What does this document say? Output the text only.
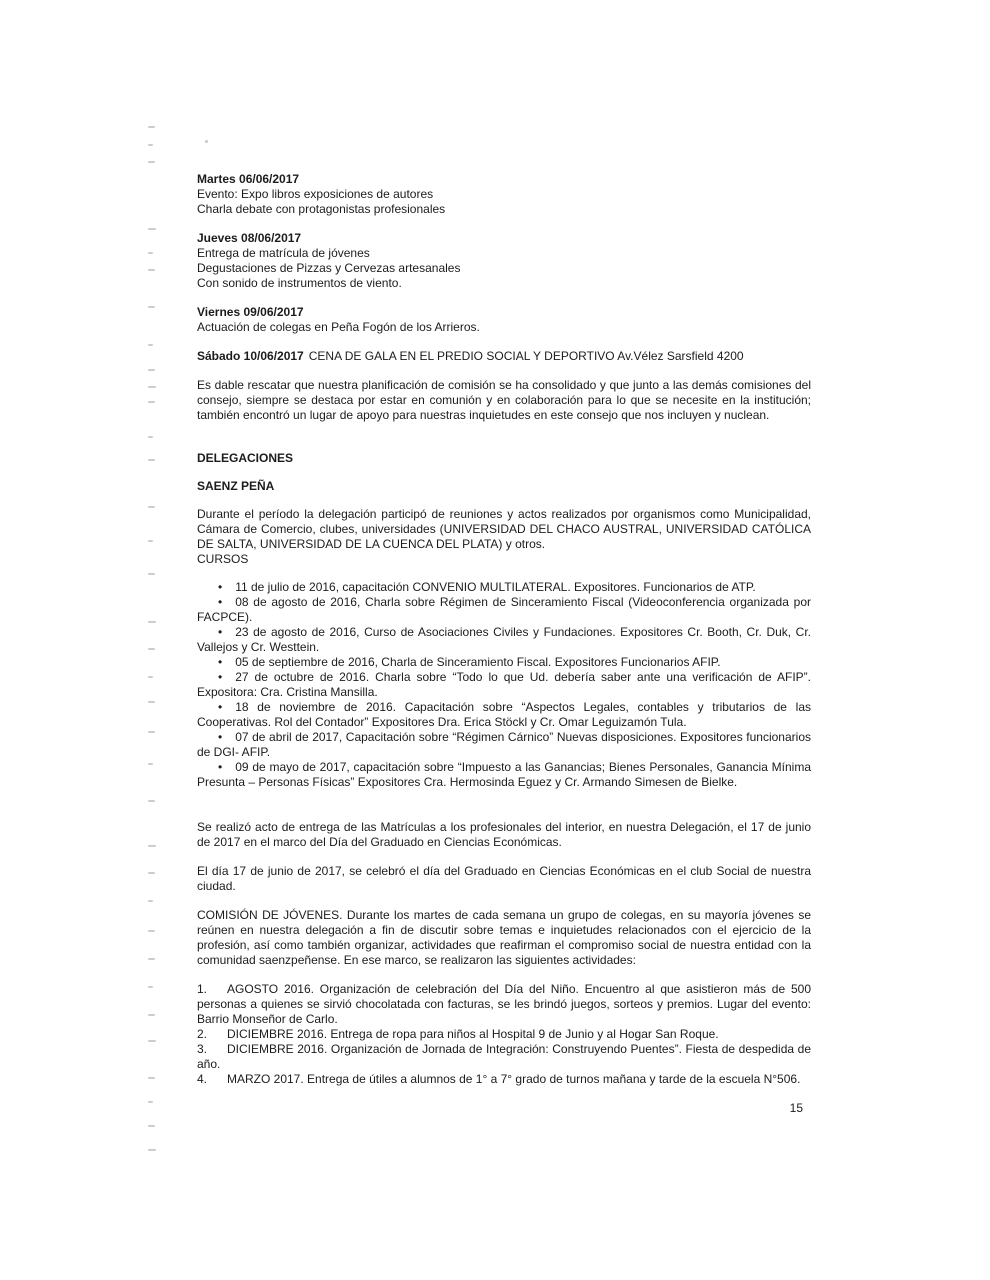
Martes 06/06/2017
Evento: Expo libros exposiciones de autores
Charla debate con protagonistas profesionales
Jueves 08/06/2017
Entrega de matrícula de jóvenes
Degustaciones de Pizzas y Cervezas artesanales
Con sonido de instrumentos de viento.
Viernes 09/06/2017
Actuación de colegas en Peña Fogón de los Arrieros.

Sábado 10/06/2017 CENA DE GALA EN EL PREDIO SOCIAL Y DEPORTIVO Av.Vélez Sarsfield 4200

Es dable rescatar que nuestra planificación de comisión se ha consolidado y que junto a las demás comisiones del consejo, siempre se destaca por estar en comunión y en colaboración para lo que se necesite en la institución; también encontró un lugar de apoyo para nuestras inquietudes en este consejo que nos incluyen y nuclean.

DELEGACIONES
SAENZ PEÑA

Durante el período la delegación participó de reuniones y actos realizados por organismos como Municipalidad, Cámara de Comercio, clubes, universidades (UNIVERSIDAD DEL CHACO AUSTRAL, UNIVERSIDAD CATÓLICA DE SALTA, UNIVERSIDAD DE LA CUENCA DEL PLATA) y otros.

CURSOS

• 11 de julio de 2016, capacitación CONVENIO MULTILATERAL. Expositores. Funcionarios de ATP.

• 08 de agosto de 2016, Charla sobre Régimen de Sinceramiento Fiscal (Videoconferencia organizada por FACPCE).

• 23 de agosto de 2016, Curso de Asociaciones Civiles y Fundaciones. Expositores Cr. Booth, Cr. Duk, Cr. Vallejos y Cr. Westtein.

• 05 de septiembre de 2016, Charla de Sinceramiento Fiscal. Expositores Funcionarios AFIP.

• 27 de octubre de 2016. Charla sobre “Todo lo que Ud. debería saber ante una verificación de AFIP”. Expositora: Cra. Cristina Mansilla.

• 18 de noviembre de 2016. Capacitación sobre “Aspectos Legales, contables y tributarios de las Cooperativas. Rol del Contador” Expositores Dra. Erica Stöckl y Cr. Omar Leguizamón Tula.

• 07 de abril de 2017, Capacitación sobre “Régimen Cárnico” Nuevas disposiciones. Expositores funcionarios de DGI- AFIP.

• 09 de mayo de 2017, capacitación sobre “Impuesto a las Ganancias; Bienes Personales, Ganancia Mínima Presunta – Personas Físicas” Expositores Cra. Hermosinda Eguez y Cr. Armando Simesen de Bielke.

Se realizó acto de entrega de las Matrículas a los profesionales del interior, en nuestra Delegación, el 17 de junio de 2017 en el marco del Día del Graduado en Ciencias Económicas.

El día 17 de junio de 2017, se celebró el día del Graduado en Ciencias Económicas en el club Social de nuestra ciudad.

COMISIÓN DE JÓVENES. Durante los martes de cada semana un grupo de colegas, en su mayoría jóvenes se reúnen en nuestra delegación a fin de discutir sobre temas e inquietudes relacionados con el ejercicio de la profesión, así como también organizar, actividades que reafirman el compromiso social de nuestra entidad con la comunidad saenzpeñense. En ese marco, se realizaron las siguientes actividades:

1. AGOSTO 2016. Organización de celebración del Día del Niño. Encuentro al que asistieron más de 500 personas a quienes se sirvió chocolatada con facturas, se les brindó juegos, sorteos y premios. Lugar del evento: Barrio Monseñor de Carlo.

2. DICIEMBRE 2016. Entrega de ropa para niños al Hospital 9 de Junio y al Hogar San Roque.

3. DICIEMBRE 2016. Organización de Jornada de Integración: Construyendo Puentes”. Fiesta de despedida de año.

4. MARZO 2017. Entrega de útiles a alumnos de 1° a 7° grado de turnos mañana y tarde de la escuela N°506.

15
